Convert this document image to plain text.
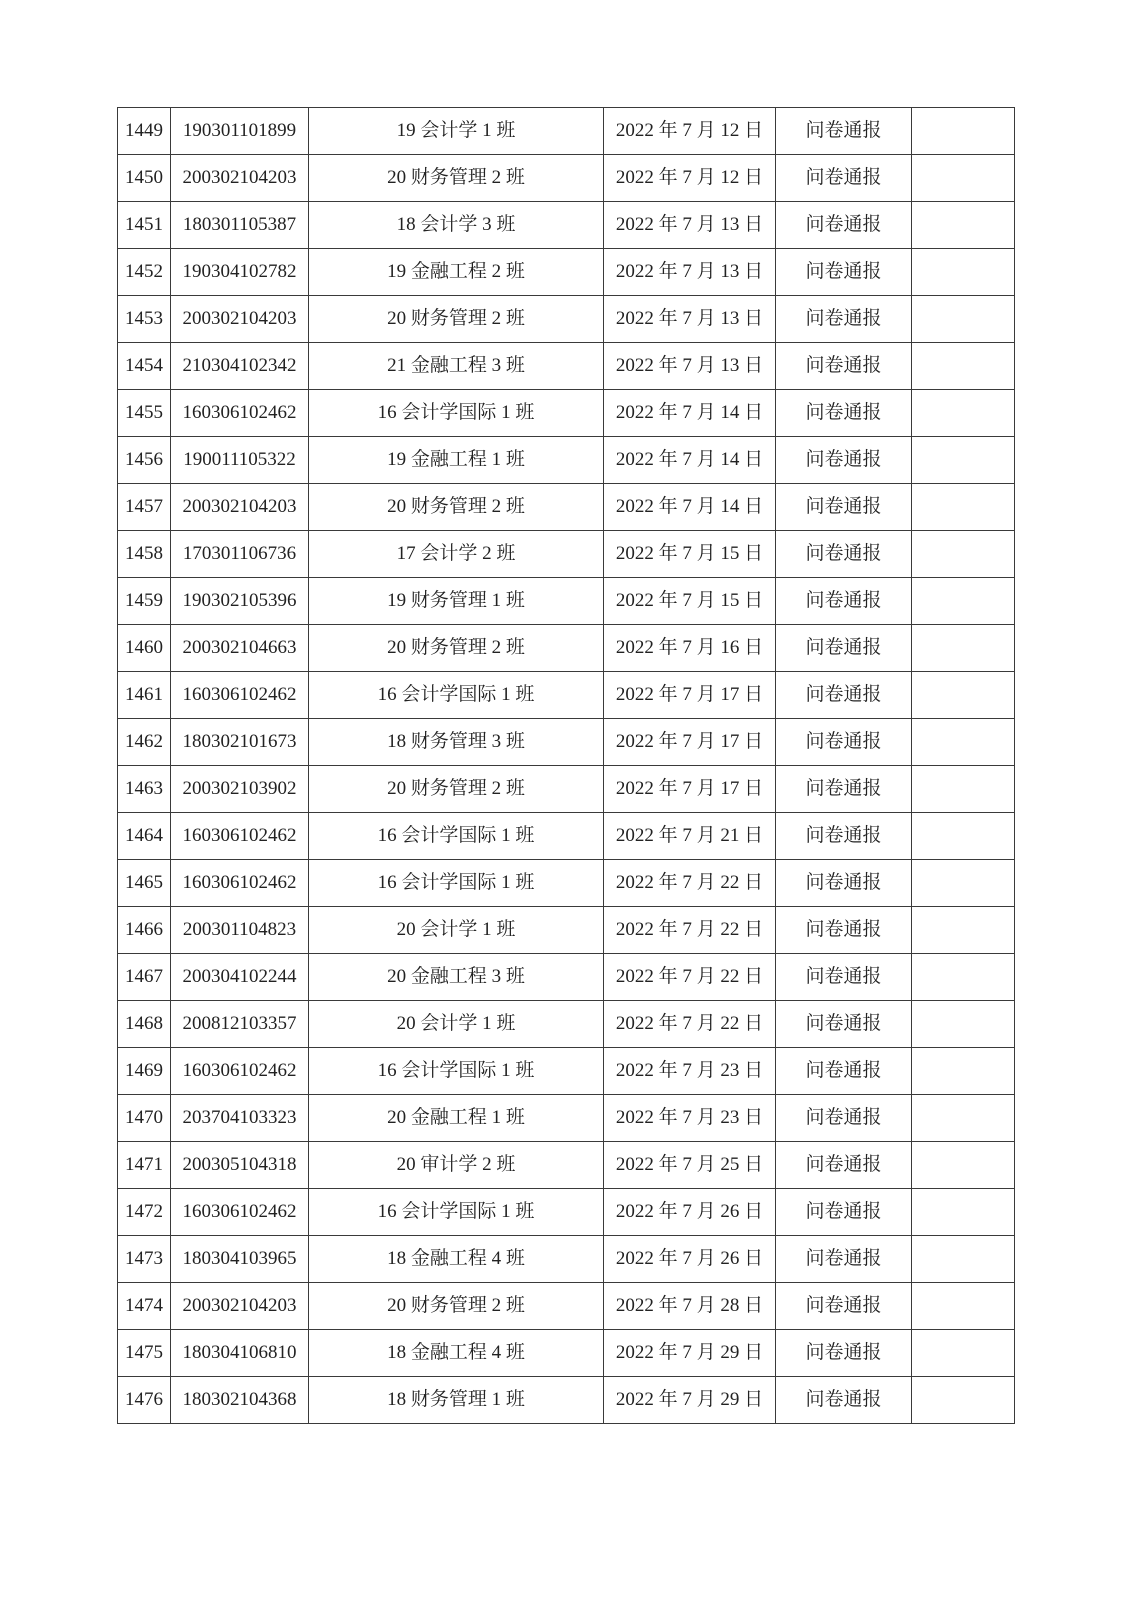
1449	190301101899	19 会计学 1 班	2022 年 7 月 12 日	问卷通报	
1450	200302104203	20 财务管理 2 班	2022 年 7 月 12 日	问卷通报	
1451	180301105387	18 会计学 3 班	2022 年 7 月 13 日	问卷通报	
1452	190304102782	19 金融工程 2 班	2022 年 7 月 13 日	问卷通报	
1453	200302104203	20 财务管理 2 班	2022 年 7 月 13 日	问卷通报	
1454	210304102342	21 金融工程 3 班	2022 年 7 月 13 日	问卷通报	
1455	160306102462	16 会计学国际 1 班	2022 年 7 月 14 日	问卷通报	
1456	190011105322	19 金融工程 1 班	2022 年 7 月 14 日	问卷通报	
1457	200302104203	20 财务管理 2 班	2022 年 7 月 14 日	问卷通报	
1458	170301106736	17 会计学 2 班	2022 年 7 月 15 日	问卷通报	
1459	190302105396	19 财务管理 1 班	2022 年 7 月 15 日	问卷通报	
1460	200302104663	20 财务管理 2 班	2022 年 7 月 16 日	问卷通报	
1461	160306102462	16 会计学国际 1 班	2022 年 7 月 17 日	问卷通报	
1462	180302101673	18 财务管理 3 班	2022 年 7 月 17 日	问卷通报	
1463	200302103902	20 财务管理 2 班	2022 年 7 月 17 日	问卷通报	
1464	160306102462	16 会计学国际 1 班	2022 年 7 月 21 日	问卷通报	
1465	160306102462	16 会计学国际 1 班	2022 年 7 月 22 日	问卷通报	
1466	200301104823	20 会计学 1 班	2022 年 7 月 22 日	问卷通报	
1467	200304102244	20 金融工程 3 班	2022 年 7 月 22 日	问卷通报	
1468	200812103357	20 会计学 1 班	2022 年 7 月 22 日	问卷通报	
1469	160306102462	16 会计学国际 1 班	2022 年 7 月 23 日	问卷通报	
1470	203704103323	20 金融工程 1 班	2022 年 7 月 23 日	问卷通报	
1471	200305104318	20 审计学 2 班	2022 年 7 月 25 日	问卷通报	
1472	160306102462	16 会计学国际 1 班	2022 年 7 月 26 日	问卷通报	
1473	180304103965	18 金融工程 4 班	2022 年 7 月 26 日	问卷通报	
1474	200302104203	20 财务管理 2 班	2022 年 7 月 28 日	问卷通报	
1475	180304106810	18 金融工程 4 班	2022 年 7 月 29 日	问卷通报	
1476	180302104368	18 财务管理 1 班	2022 年 7 月 29 日	问卷通报	
